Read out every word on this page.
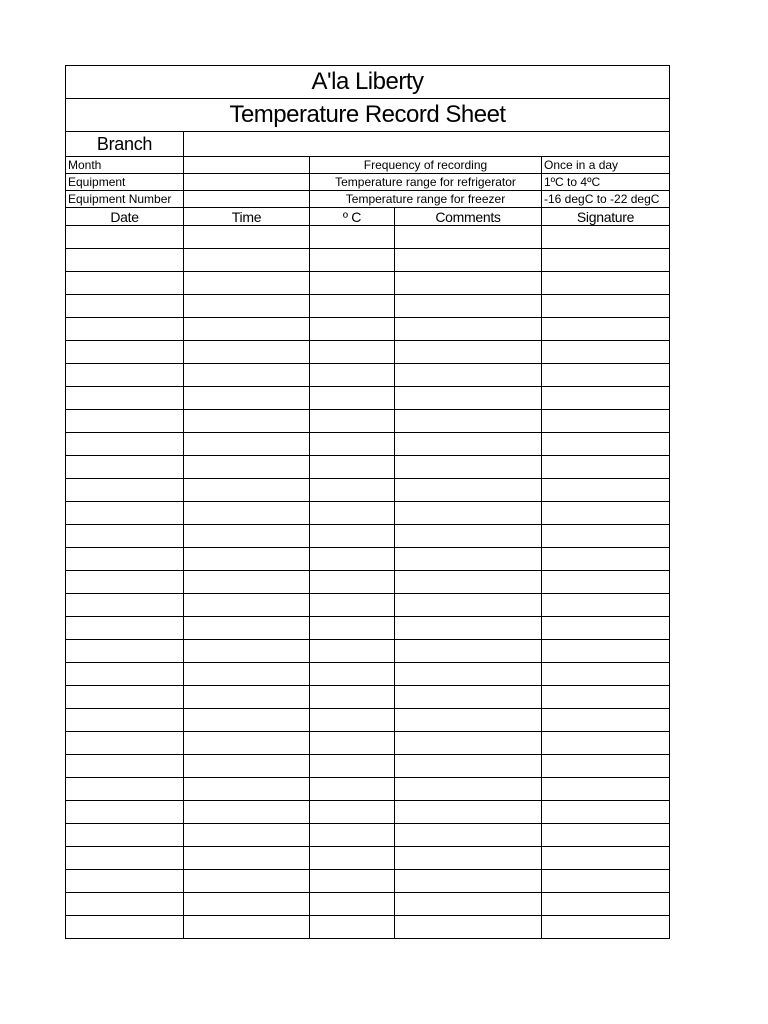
A'la Liberty				
Temperature Record Sheet				
Branch				
Month		Frequency of recording		Once in a day
Equipment		Temperature range for refrigerator		1ºC to 4ºC
Equipment Number		Temperature range for freezer		-16 degC to -22 degC
Date	Time	º C	Comments	Signature
